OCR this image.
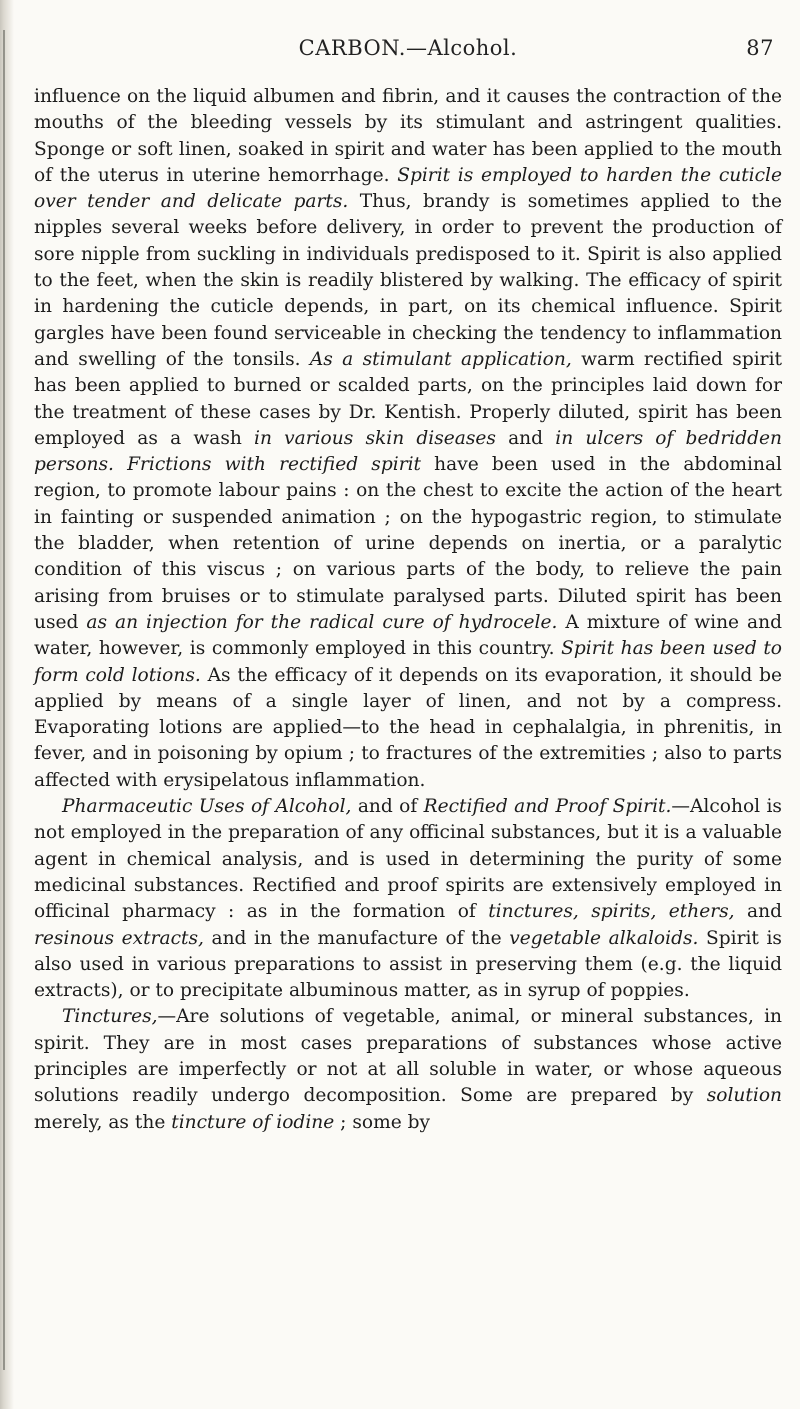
CARBON.—Alcohol.	87

influence on the liquid albumen and fibrin, and it causes the contraction of the mouths of the bleeding vessels by its stimulant and astringent qualities. Sponge or soft linen, soaked in spirit and water has been applied to the mouth of the uterus in uterine hemorrhage. Spirit is employed to harden the cuticle over tender and delicate parts. Thus, brandy is sometimes applied to the nipples several weeks before delivery, in order to prevent the production of sore nipple from suckling in individuals predisposed to it. Spirit is also applied to the feet, when the skin is readily blistered by walking. The efficacy of spirit in hardening the cuticle depends, in part, on its chemical influence. Spirit gargles have been found serviceable in checking the tendency to inflammation and swelling of the tonsils. As a stimulant application, warm rectified spirit has been applied to burned or scalded parts, on the principles laid down for the treatment of these cases by Dr. Kentish. Properly diluted, spirit has been employed as a wash in various skin diseases and in ulcers of bedridden persons. Frictions with rectified spirit have been used in the abdominal region, to promote labour pains : on the chest to excite the action of the heart in fainting or suspended animation ; on the hypogastric region, to stimulate the bladder, when retention of urine depends on inertia, or a paralytic condition of this viscus ; on various parts of the body, to relieve the pain arising from bruises or to stimulate paralysed parts. Diluted spirit has been used as an injection for the radical cure of hydrocele. A mixture of wine and water, however, is commonly employed in this country. Spirit has been used to form cold lotions. As the efficacy of it depends on its evaporation, it should be applied by means of a single layer of linen, and not by a compress. Evaporating lotions are applied—to the head in cephalalgia, in phrenitis, in fever, and in poisoning by opium ; to fractures of the extremities ; also to parts affected with erysipelatous inflammation.

Pharmaceutic Uses of Alcohol, and of Rectified and Proof Spirit.—Alcohol is not employed in the preparation of any officinal substances, but it is a valuable agent in chemical analysis, and is used in determining the purity of some medicinal substances. Rectified and proof spirits are extensively employed in officinal pharmacy : as in the formation of tinctures, spirits, ethers, and resinous extracts, and in the manufacture of the vegetable alkaloids. Spirit is also used in various preparations to assist in preserving them (e.g. the liquid extracts), or to precipitate albuminous matter, as in syrup of poppies.

Tinctures,—Are solutions of vegetable, animal, or mineral substances, in spirit. They are in most cases preparations of substances whose active principles are imperfectly or not at all soluble in water, or whose aqueous solutions readily undergo decomposition. Some are prepared by solution merely, as the tincture of iodine ; some by
